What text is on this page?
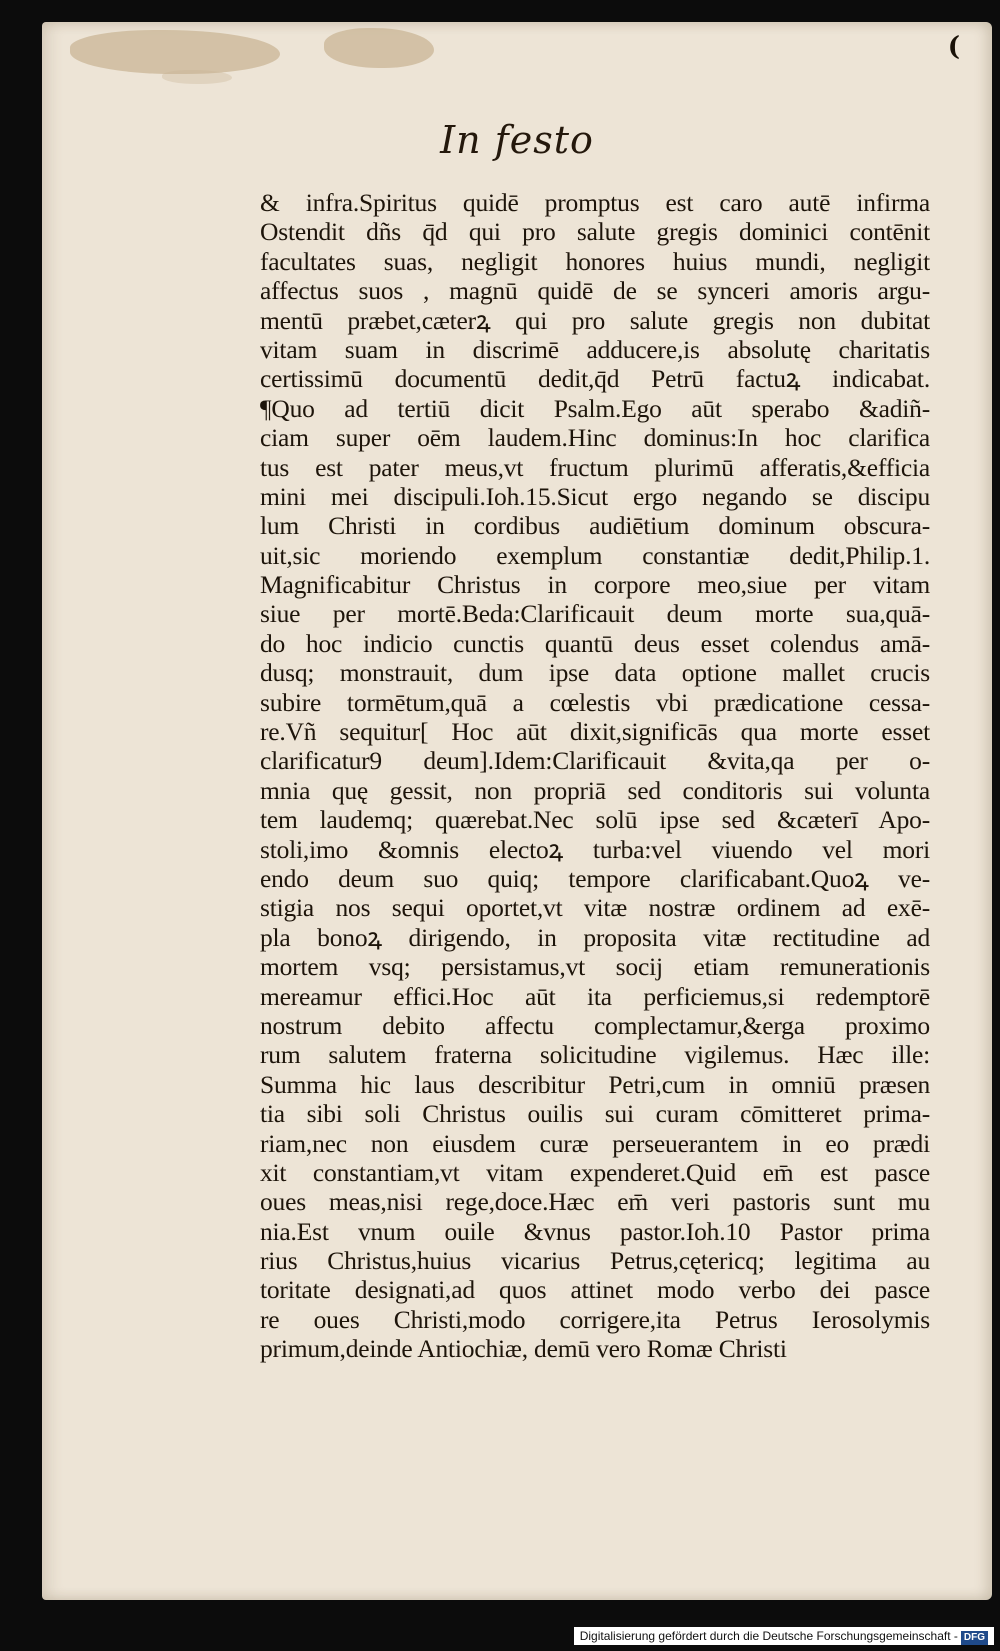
(
In festo
& infra.Spiritus quidē promptus est caro autē infirma
Ostendit dñs q̄d qui pro salute gregis dominici contēnit
facultates suas, negligit honores huius mundi, negligit
affectus suos , magnū quidē de se synceri amoris argu-
mentū præbet,cæterꝝ qui pro salute gregis non dubitat
vitam suam in discrimē adducere,is absolutę charitatis
certissimū documentū dedit,q̄d Petrū factuꝝ indicabat.
¶Quo ad tertiū dicit Psalm.Ego aūt sperabo &adiñ-
ciam super oēm laudem.Hinc dominus:In hoc clarifica
tus est pater meus,vt fructum plurimū afferatis,&efficia
mini mei discipuli.Ioh.15.Sicut ergo negando se discipu
lum Christi in cordibus audiētium dominum obscura-
uit,sic moriendo exemplum constantiæ dedit,Philip.1.
Magnificabitur Christus in corpore meo,siue per vitam
siue per mortē.Beda:Clarificauit deum morte sua,quā-
do hoc indicio cunctis quantū deus esset colendus amā-
dusq; monstrauit, dum ipse data optione mallet crucis
subire tormētum,quā a cœlestis vbi prædicatione cessa-
re.Vñ sequitur[ Hoc aūt dixit,significās qua morte esset
clarificatur9 deum].Idem:Clarificauit &vita,qa per o-
mnia quę gessit, non propriā sed conditoris sui volunta
tem laudemq; quærebat.Nec solū ipse sed &cæterī Apo-
stoli,imo &omnis electoꝝ turba:vel viuendo vel mori
endo deum suo quiq; tempore clarificabant.Quoꝝ ve-
stigia nos sequi oportet,vt vitæ nostræ ordinem ad exē-
pla bonoꝝ dirigendo, in proposita vitæ rectitudine ad
mortem vsq; persistamus,vt socij etiam remunerationis
mereamur effici.Hoc aūt ita perficiemus,si redemptorē
nostrum debito affectu complectamur,&erga proximo
rum salutem fraterna solicitudine vigilemus. Hæc ille:
Summa hic laus describitur Petri,cum in omniū præsen
tia sibi soli Christus ouilis sui curam cōmitteret prima-
riam,nec non eiusdem curæ perseuerantem in eo prædi
xit constantiam,vt vitam expenderet.Quid em̄ est pasce
oues meas,nisi rege,doce.Hæc em̄ veri pastoris sunt mu
nia.Est vnum ouile &vnus pastor.Ioh.10 Pastor prima
rius Christus,huius vicarius Petrus,cętericq; legitima au
toritate designati,ad quos attinet modo verbo dei pasce
re oues Christi,modo corrigere,ita Petrus Ierosolymis
primum,deinde Antiochiæ, demū vero Romæ Christi
Digitalisierung gefördert durch die Deutsche Forschungsgemeinschaft - DFG
